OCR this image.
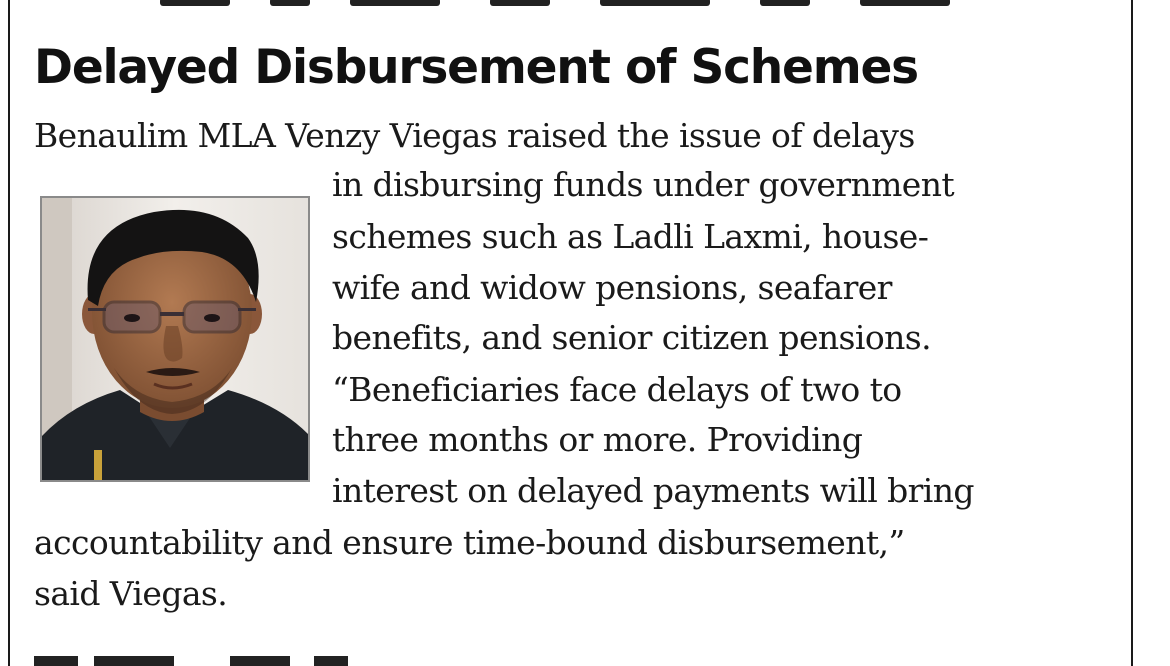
Delayed Disbursement of Schemes
Benaulim MLA Venzy Viegas raised the issue of delays
in disbursing funds under government
schemes such as Ladli Laxmi, house-
wife and widow pensions, seafarer
benefits, and senior citizen pensions.
“Beneficiaries face delays of two to
three months or more. Providing
interest on delayed payments will bring
accountability and ensure time-bound disbursement,”
said Viegas.
